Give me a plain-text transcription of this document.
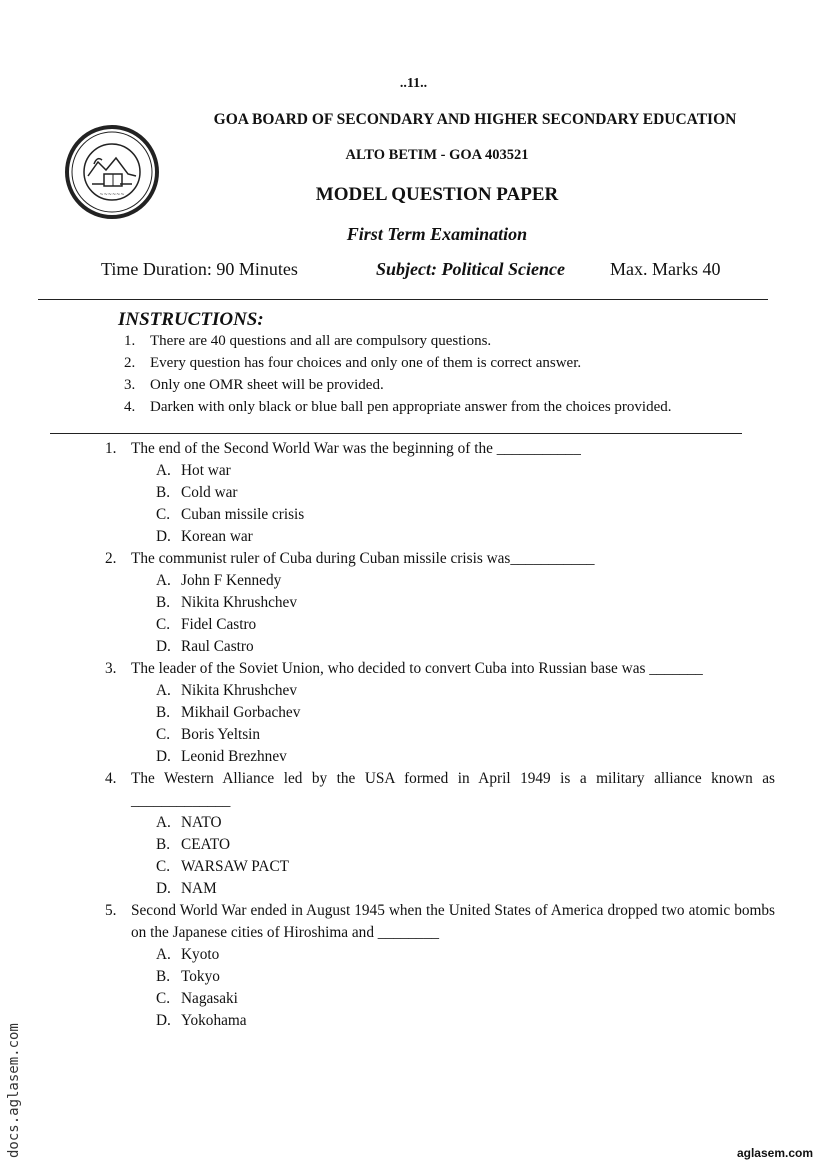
..11..
~~~~~~
GOA BOARD OF SECONDARY AND HIGHER SECONDARY EDUCATION
ALTO BETIM - GOA 403521
MODEL QUESTION PAPER
First Term Examination
Time Duration: 90 Minutes	Subject: Political Science	Max. Marks 40
INSTRUCTIONS:
1. There are 40 questions and all are compulsory questions.
2. Every question has four choices and only one of them is correct answer.
3. Only one OMR sheet will be provided.
4. Darken with only black or blue ball pen appropriate answer from the choices provided.
1. The end of the Second World War was the beginning of the ___________
A. Hot war
B. Cold war
C. Cuban missile crisis
D. Korean war
2. The communist ruler of Cuba during Cuban missile crisis was___________
A. John F Kennedy
B. Nikita Khrushchev
C. Fidel Castro
D. Raul Castro
3. The leader of the Soviet Union, who decided to convert Cuba into Russian base was _______
A. Nikita Khrushchev
B. Mikhail Gorbachev
C. Boris Yeltsin
D. Leonid Brezhnev
4. The Western Alliance led by the USA formed in April 1949 is a military alliance known as _____________
A. NATO
B. CEATO
C. WARSAW PACT
D. NAM
5. Second World War ended in August 1945 when the United States of America dropped two atomic bombs on the Japanese cities of Hiroshima and ________
A. Kyoto
B. Tokyo
C. Nagasaki
D. Yokohama
docs.aglasem.com	aglasem.com
